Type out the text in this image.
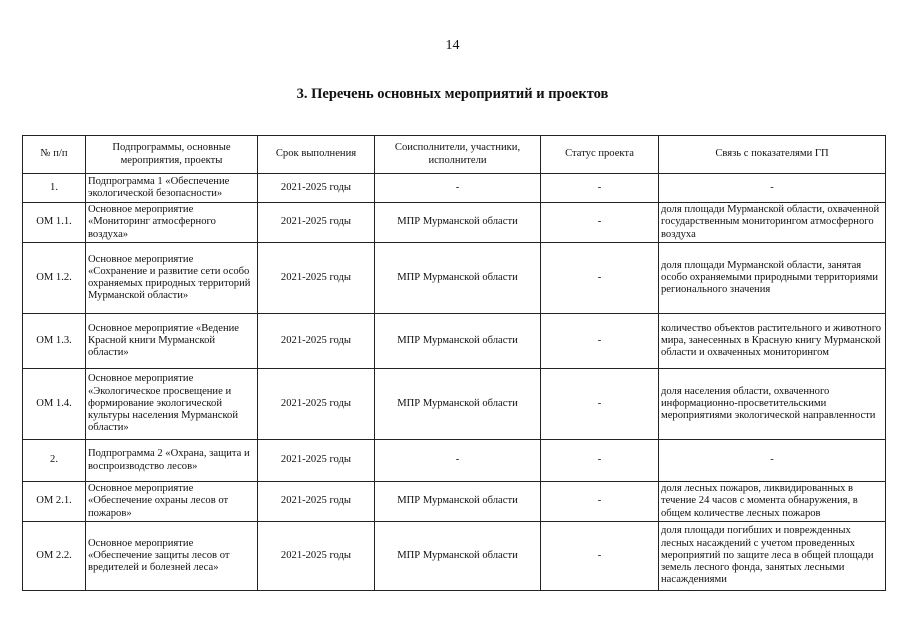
14
3. Перечень основных мероприятий и проектов
№ п/п	Подпрограммы, основные мероприятия, проекты	Срок выполнения	Соисполнители, участники, исполнители	Статус проекта	Связь с показателями ГП
1.	Подпрограмма 1 «Обеспечение экологической безопасности»	2021-2025 годы	-	-	-
ОМ 1.1.	Основное мероприятие «Мониторинг атмосферного воздуха»	2021-2025 годы	МПР Мурманской области	-	доля площади Мурманской области, охваченной государственным мониторингом атмосферного воздуха
ОМ 1.2.	Основное мероприятие «Сохранение и развитие сети особо охраняемых природных территорий Мурманской области»	2021-2025 годы	МПР Мурманской области	-	доля площади Мурманской области, занятая особо охраняемыми природными территориями регионального значения
ОМ 1.3.	Основное мероприятие «Ведение Красной книги Мурманской области»	2021-2025 годы	МПР Мурманской области	-	количество объектов растительного и животного мира, занесенных в Красную книгу Мурманской области и охваченных мониторингом
ОМ 1.4.	Основное мероприятие «Экологическое просвещение и формирование экологической культуры населения Мурманской области»	2021-2025 годы	МПР Мурманской области	-	доля населения области, охваченного информационно-просветительскими мероприятиями экологической направленности
2.	Подпрограмма 2 «Охрана, защита и воспроизводство лесов»	2021-2025 годы	-	-	-
ОМ 2.1.	Основное мероприятие «Обеспечение охраны лесов от пожаров»	2021-2025 годы	МПР Мурманской области	-	доля лесных пожаров, ликвидированных в течение 24 часов с момента обнаружения, в общем количестве лесных пожаров
ОМ 2.2.	Основное мероприятие «Обеспечение защиты лесов от вредителей и болезней леса»	2021-2025 годы	МПР Мурманской области	-	доля площади погибших и поврежденных лесных насаждений с учетом проведенных мероприятий по защите леса в общей площади земель лесного фонда, занятых лесными насаждениями
